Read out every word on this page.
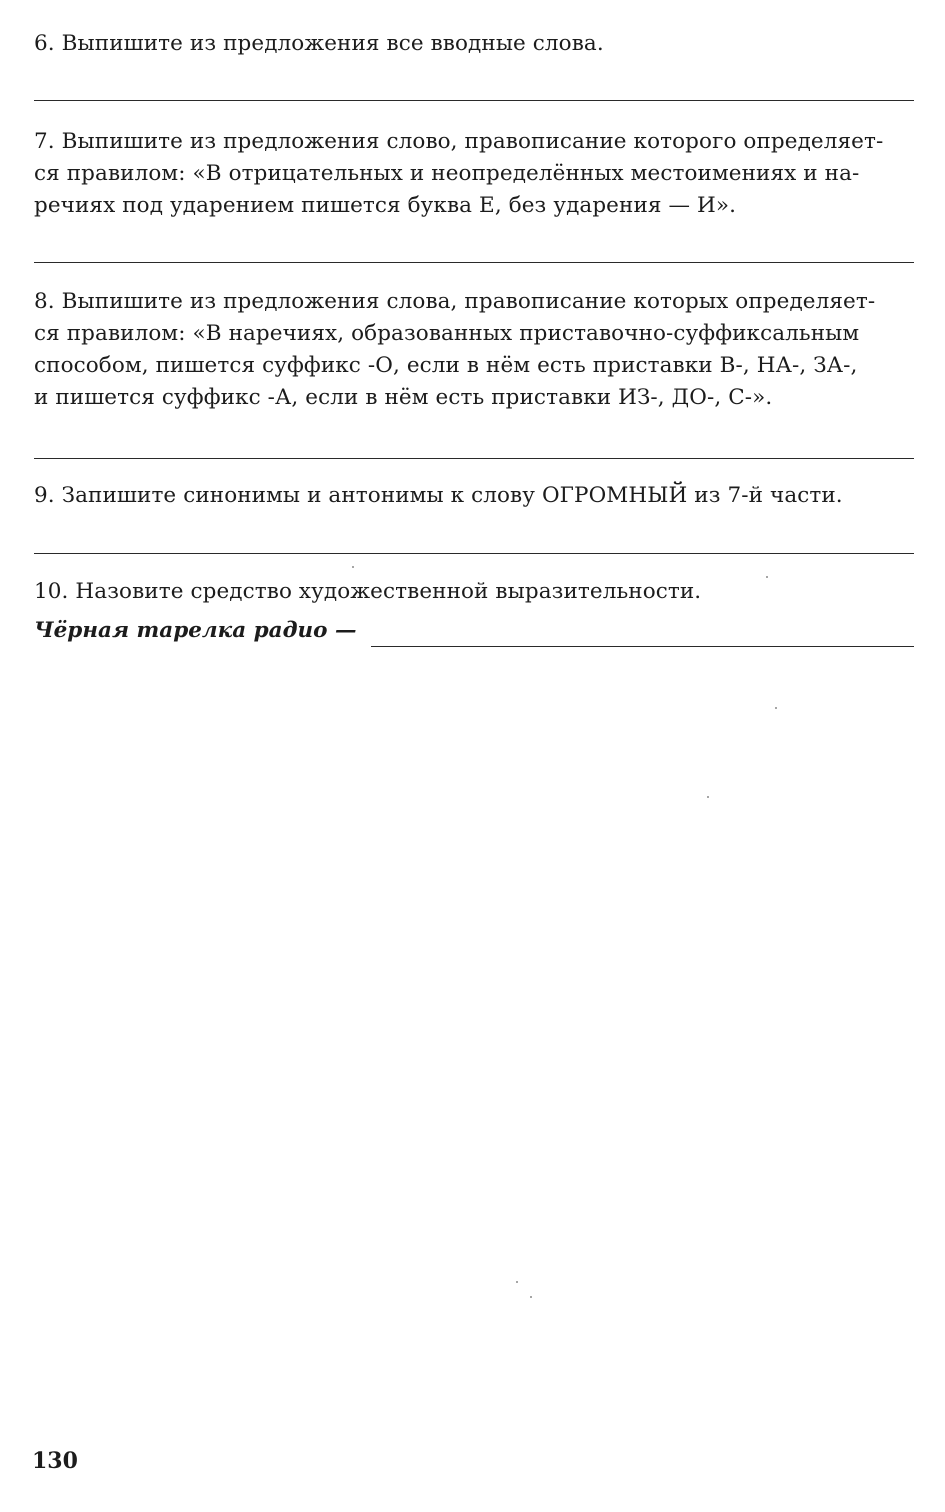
6. Выпишите из предложения все вводные слова.
7. Выпишите из предложения слово, правописание которого определяет-
ся правилом: «В отрицательных и неопределённых местоимениях и на-
речиях под ударением пишется буква Е, без ударения — И».
8. Выпишите из предложения слова, правописание которых определяет-
ся правилом: «В наречиях, образованных приставочно-суффиксальным
способом, пишется суффикс -О, если в нём есть приставки В-, НА-, ЗА-,
и пишется суффикс -А, если в нём есть приставки ИЗ-, ДО-, С-».
9. Запишите синонимы и антонимы к слову ОГРОМНЫЙ из 7-й части.
10. Назовите средство художественной выразительности.
Чёрная тарелка радио —
130
